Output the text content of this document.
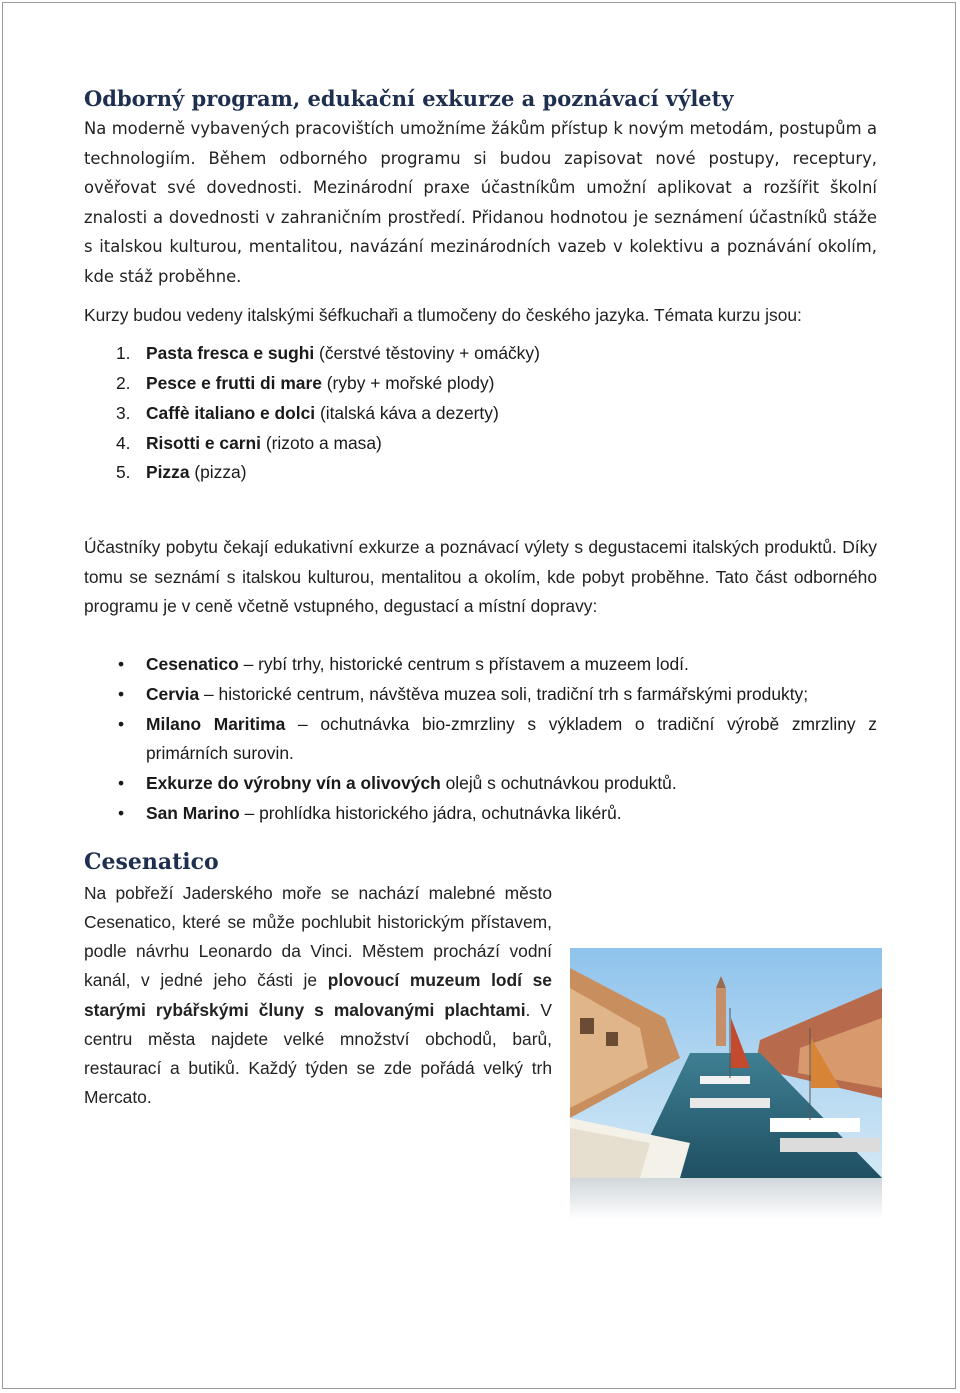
Odborný program, edukační exkurze a poznávací výlety

Na moderně vybavených pracovištích umožníme žákům přístup k novým metodám, postupům a technologiím. Během odborného programu si budou zapisovat nové postupy, receptury, ověřovat své dovednosti. Mezinárodní praxe účastníkům umožní aplikovat a rozšířit školní znalosti a dovednosti v zahraničním prostředí. Přidanou hodnotou je seznámení účastníků stáže s italskou kulturou, mentalitou, navázání mezinárodních vazeb v kolektivu a poznávání okolím, kde stáž proběhne.

Kurzy budou vedeny italskými šéfkuchaři a tlumočeny do českého jazyka. Témata kurzu jsou:

1. Pasta fresca e sughi (čerstvé těstoviny + omáčky)
2. Pesce e frutti di mare (ryby + mořské plody)
3. Caffè italiano e dolci (italská káva a dezerty)
4. Risotti e carni (rizoto a masa)
5. Pizza (pizza)

Účastníky pobytu čekají edukativní exkurze a poznávací výlety s degustacemi italských produktů. Díky tomu se seznámí s italskou kulturou, mentalitou a okolím, kde pobyt proběhne. Tato část odborného programu je v ceně včetně vstupného, degustací a místní dopravy:

• Cesenatico – rybí trhy, historické centrum s přístavem a muzeem lodí.
• Cervia – historické centrum, návštěva muzea soli, tradiční trh s farmářskými produkty;
• Milano Maritima – ochutnávka bio-zmrzliny s výkladem o tradiční výrobě zmrzliny z primárních surovin.
• Exkurze do výrobny vín a olivových olejů s ochutnávkou produktů.
• San Marino – prohlídka historického jádra, ochutnávka likérů.
Cesenatico

Na pobřeží Jaderského moře se nachází malebné město Cesenatico, které se může pochlubit historickým přístavem, podle návrhu Leonardo da Vinci. Městem prochází vodní kanál, v jedné jeho části je plovoucí muzeum lodí se starými rybářskými čluny s malovanými plachtami. V centru města najdete velké množství obchodů, barů, restaurací a butiků. Každý týden se zde pořádá velký trh Mercato.
